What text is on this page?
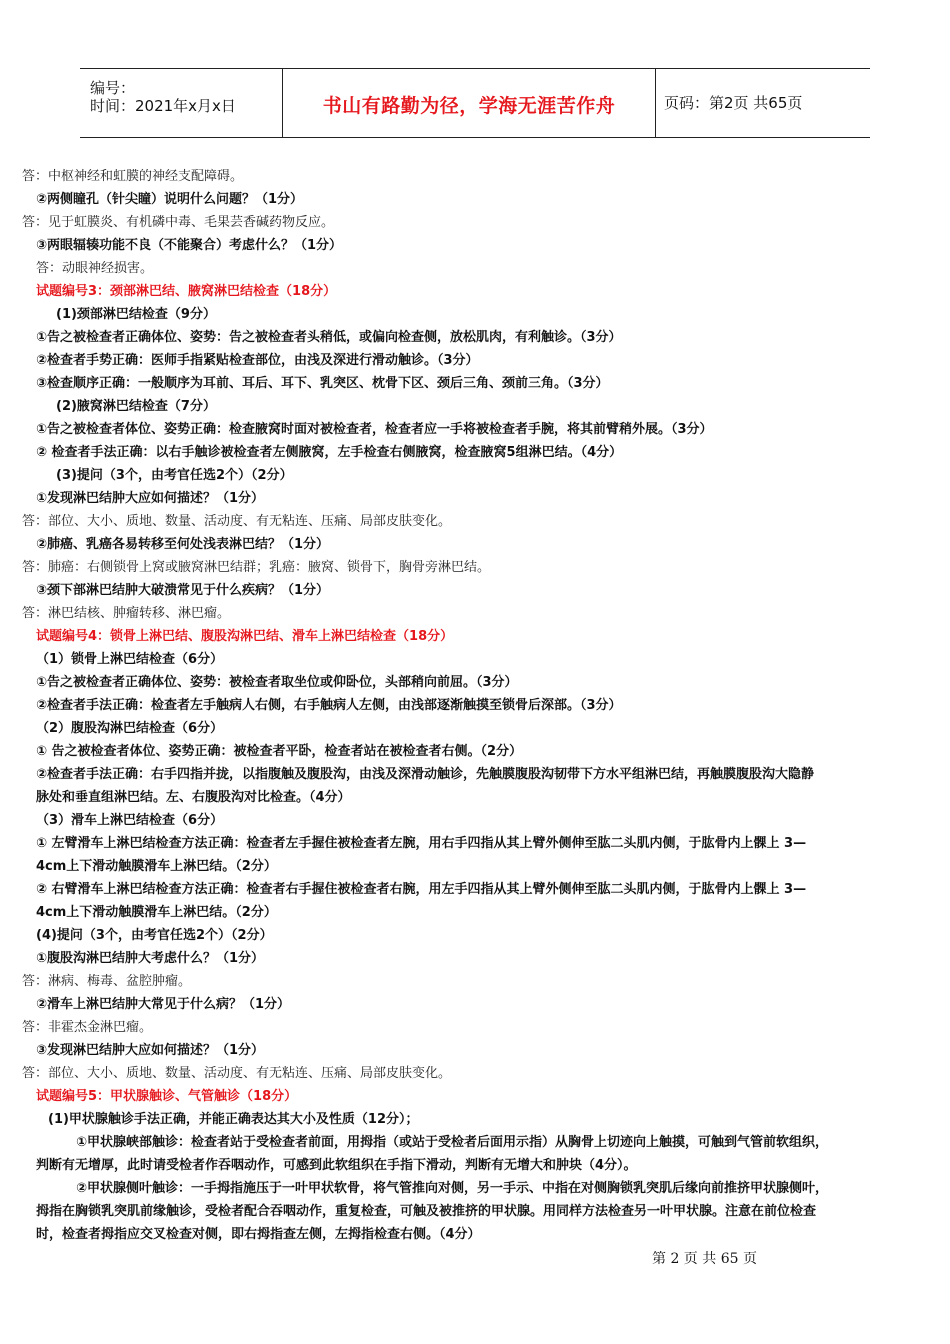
编号：
时间：2021年x月x日	书山有路勤为径，学海无涯苦作舟	页码：第2页 共65页
答：中枢神经和虹膜的神经支配障碍。
②两侧瞳孔（针尖瞳）说明什么问题？（1分）
答：见于虹膜炎、有机磷中毒、毛果芸香碱药物反应。
③两眼辐辏功能不良（不能聚合）考虑什么？（1分）
答：动眼神经损害。
试题编号3：颈部淋巴结、腋窝淋巴结检查（18分）
(1)颈部淋巴结检查（9分）
①告之被检查者正确体位、姿势：告之被检查者头稍低，或偏向检查侧，放松肌肉，有利触诊。（3分）
②检查者手势正确：医师手指紧贴检查部位，由浅及深进行滑动触诊。（3分）
③检查顺序正确：一般顺序为耳前、耳后、耳下、乳突区、枕骨下区、颈后三角、颈前三角。（3分）
(2)腋窝淋巴结检查（7分）
①告之被检查者体位、姿势正确：检查腋窝时面对被检查者，检查者应一手将被检查者手腕，将其前臂稍外展。（3分）
② 检查者手法正确：以右手触诊被检查者左侧腋窝，左手检查右侧腋窝，检查腋窝5组淋巴结。（4分）
(3)提问（3个，由考官任选2个）（2分）
①发现淋巴结肿大应如何描述？（1分）
答：部位、大小、质地、数量、活动度、有无粘连、压痛、局部皮肤变化。
②肺癌、乳癌各易转移至何处浅表淋巴结？（1分）
答：肺癌：右侧锁骨上窝或腋窝淋巴结群；乳癌：腋窝、锁骨下，胸骨旁淋巴结。
③颈下部淋巴结肿大破溃常见于什么疾病？（1分）
答：淋巴结核、肿瘤转移、淋巴瘤。
试题编号4：锁骨上淋巴结、腹股沟淋巴结、滑车上淋巴结检查（18分）
（1）锁骨上淋巴结检查（6分）
①告之被检查者正确体位、姿势：被检查者取坐位或仰卧位，头部稍向前屈。（3分）
②检查者手法正确：检查者左手触病人右侧，右手触病人左侧，由浅部逐渐触摸至锁骨后深部。（3分）
（2）腹股沟淋巴结检查（6分）
① 告之被检查者体位、姿势正确：被检查者平卧，检查者站在被检查者右侧。（2分）
②检查者手法正确：右手四指并拢，以指腹触及腹股沟，由浅及深滑动触诊，先触膜腹股沟韧带下方水平组淋巴结，再触膜腹股沟大隐静
脉处和垂直组淋巴结。左、右腹股沟对比检查。（4分）
（3）滑车上淋巴结检查（6分）
① 左臂滑车上淋巴结检查方法正确：检查者左手握住被检查者左腕，用右手四指从其上臂外侧伸至肱二头肌内侧，于肱骨内上髁上 3—
4cm上下滑动触膜滑车上淋巴结。（2分）
② 右臂滑车上淋巴结检查方法正确：检查者右手握住被检查者右腕，用左手四指从其上臂外侧伸至肱二头肌内侧，于肱骨内上髁上 3—
4cm上下滑动触膜滑车上淋巴结。（2分）
(4)提问（3个，由考官任选2个）（2分）
①腹股沟淋巴结肿大考虑什么？（1分）
答：淋病、梅毒、盆腔肿瘤。
②滑车上淋巴结肿大常见于什么病？（1分）
答：非霍杰金淋巴瘤。
③发现淋巴结肿大应如何描述？（1分）
答：部位、大小、质地、数量、活动度、有无粘连、压痛、局部皮肤变化。
试题编号5：甲状腺触诊、气管触诊（18分）
(1)甲状腺触诊手法正确，并能正确表达其大小及性质（12分）；
①甲状腺峡部触诊：检查者站于受检查者前面，用拇指（或站于受检者后面用示指）从胸骨上切迹向上触摸，可触到气管前软组织，
判断有无增厚，此时请受检者作吞咽动作，可感到此软组织在手指下滑动，判断有无增大和肿块（4分）。
②甲状腺侧叶触诊：一手拇指施压于一叶甲状软骨，将气管推向对侧，另一手示、中指在对侧胸锁乳突肌后缘向前推挤甲状腺侧叶，
拇指在胸锁乳突肌前缘触诊，受检者配合吞咽动作，重复检查，可触及被推挤的甲状腺。用同样方法检查另一叶甲状腺。注意在前位检查
时，检查者拇指应交叉检查对侧，即右拇指查左侧，左拇指检查右侧。（4分）
第 2 页 共 65 页
